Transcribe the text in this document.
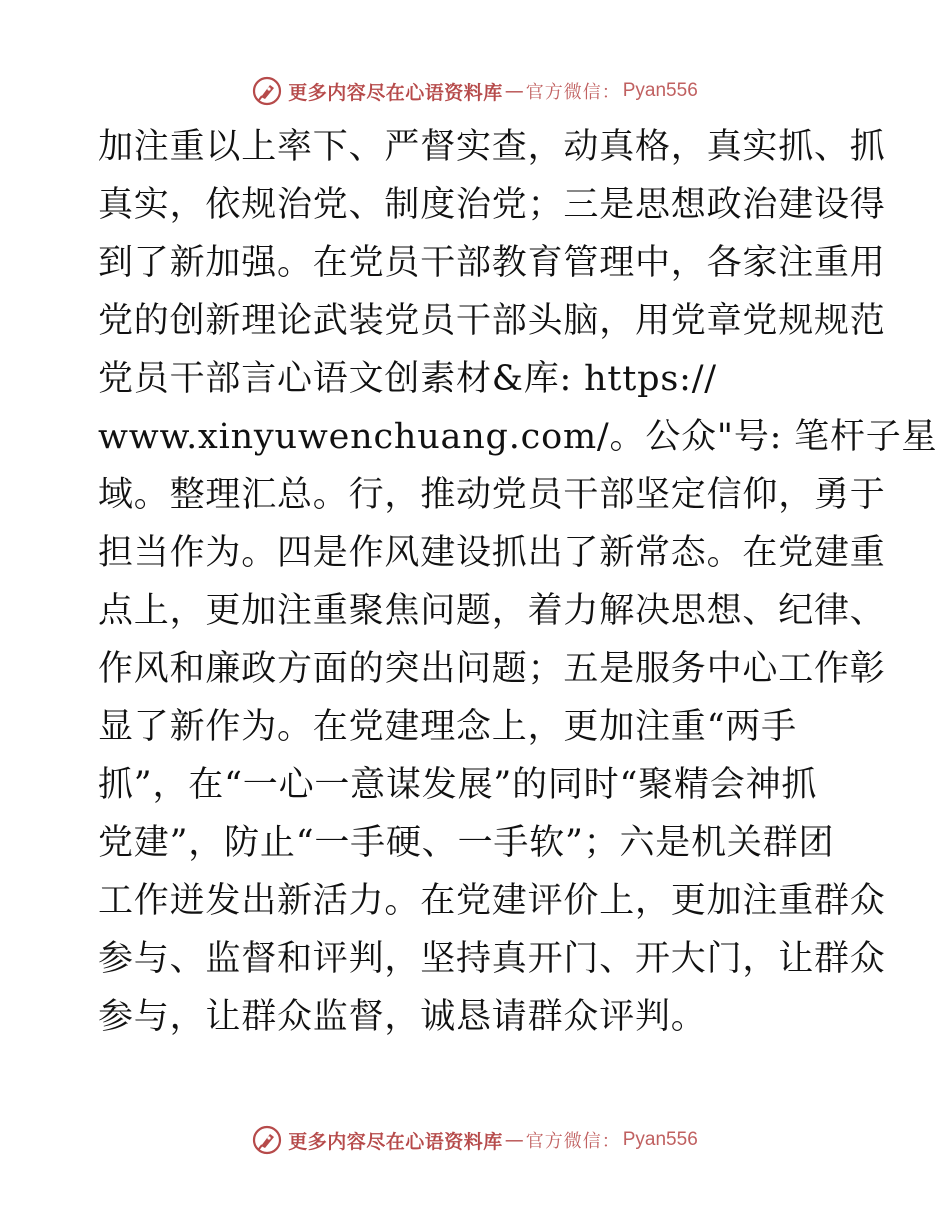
更多内容尽在心语资料库 — 官方微信： Pyan556
加注重以上率下、严督实查，动真格，真实抓、抓
真实，依规治党、制度治党；三是思想政治建设得
到了新加强。在党员干部教育管理中，各家注重用
党的创新理论武装党员干部头脑，用党章党规规范
党员干部言心语文创素材&库: https://
www.xinyuwenchuang.com/。公众"号: 笔杆子星
域。整理汇总。行，推动党员干部坚定信仰，勇于
担当作为。四是作风建设抓出了新常态。在党建重
点上，更加注重聚焦问题，着力解决思想、纪律、
作风和廉政方面的突出问题；五是服务中心工作彰
显了新作为。在党建理念上，更加注重“两手
抓”，在“一心一意谋发展”的同时“聚精会神抓
党建”，防止“一手硬、一手软”；六是机关群团
工作迸发出新活力。在党建评价上，更加注重群众
参与、监督和评判，坚持真开门、开大门，让群众
参与，让群众监督，诚恳请群众评判。
更多内容尽在心语资料库 — 官方微信： Pyan556
